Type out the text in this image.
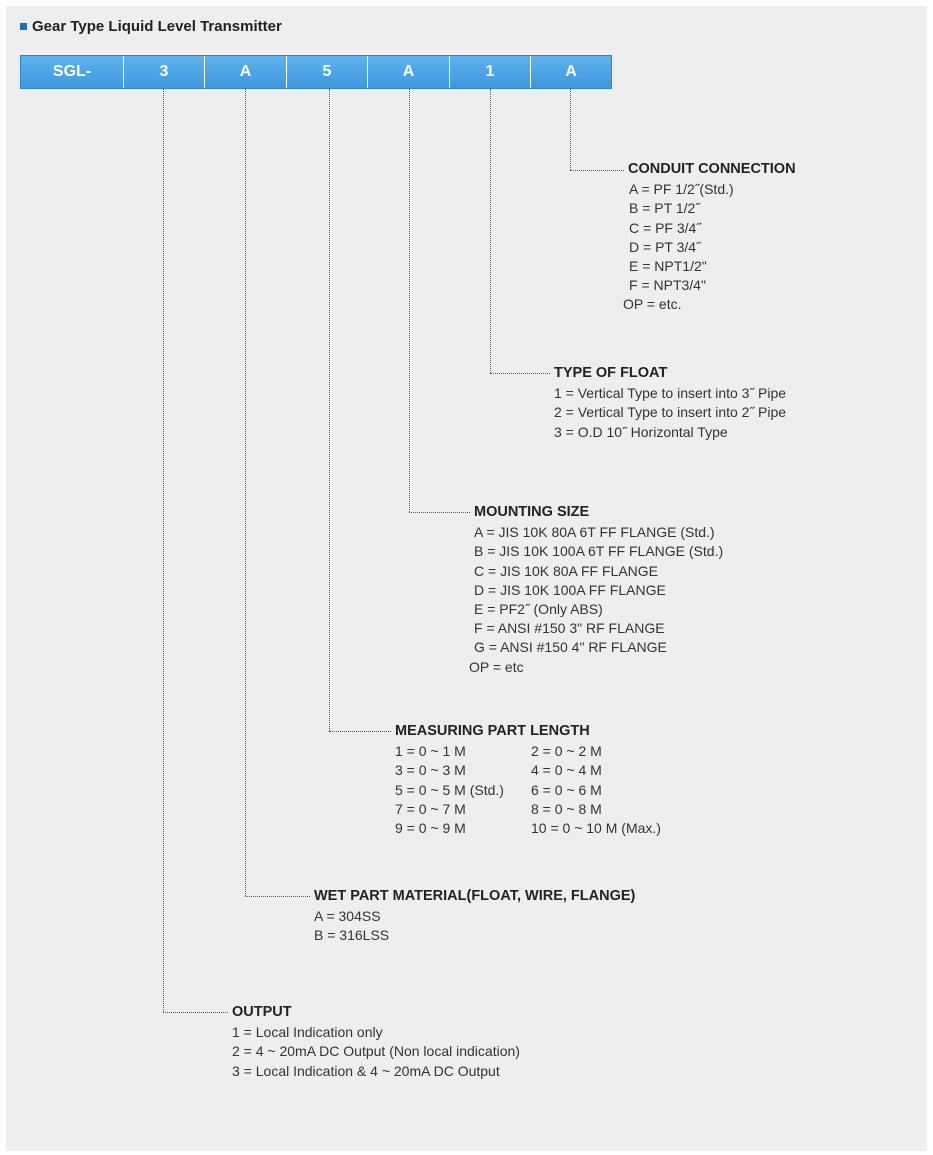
Gear Type Liquid Level Transmitter
SGL-	3	A	5	A	1	A
CONDUIT CONNECTION
A = PF 1/2˝(Std.)
B = PT 1/2˝
C = PF 3/4˝
D = PT 3/4˝
E = NPT1/2"
F = NPT3/4"
OP = etc.
TYPE OF FLOAT
1 = Vertical Type to insert into 3˝ Pipe
2 = Vertical Type to insert into 2˝ Pipe
3 = O.D 10˝ Horizontal Type
MOUNTING SIZE
A = JIS 10K 80A 6T FF FLANGE (Std.)
B = JIS 10K 100A 6T FF FLANGE (Std.)
C = JIS 10K 80A FF FLANGE
D = JIS 10K 100A FF FLANGE
E = PF2˝ (Only ABS)
F = ANSI #150 3" RF FLANGE
G = ANSI #150 4" RF FLANGE
OP = etc
MEASURING PART LENGTH
1 = 0 ~ 1 M	2 = 0 ~ 2 M
3 = 0 ~ 3 M	4 = 0 ~ 4 M
5 = 0 ~ 5 M (Std.)	6 = 0 ~ 6 M
7 = 0 ~ 7 M	8 = 0 ~ 8 M
9 = 0 ~ 9 M	10 = 0 ~ 10 M (Max.)
WET PART MATERIAL(FLOAT, WIRE, FLANGE)
A = 304SS
B = 316LSS
OUTPUT
1 = Local Indication only
2 = 4 ~ 20mA DC Output (Non local indication)
3 = Local Indication & 4 ~ 20mA DC Output
